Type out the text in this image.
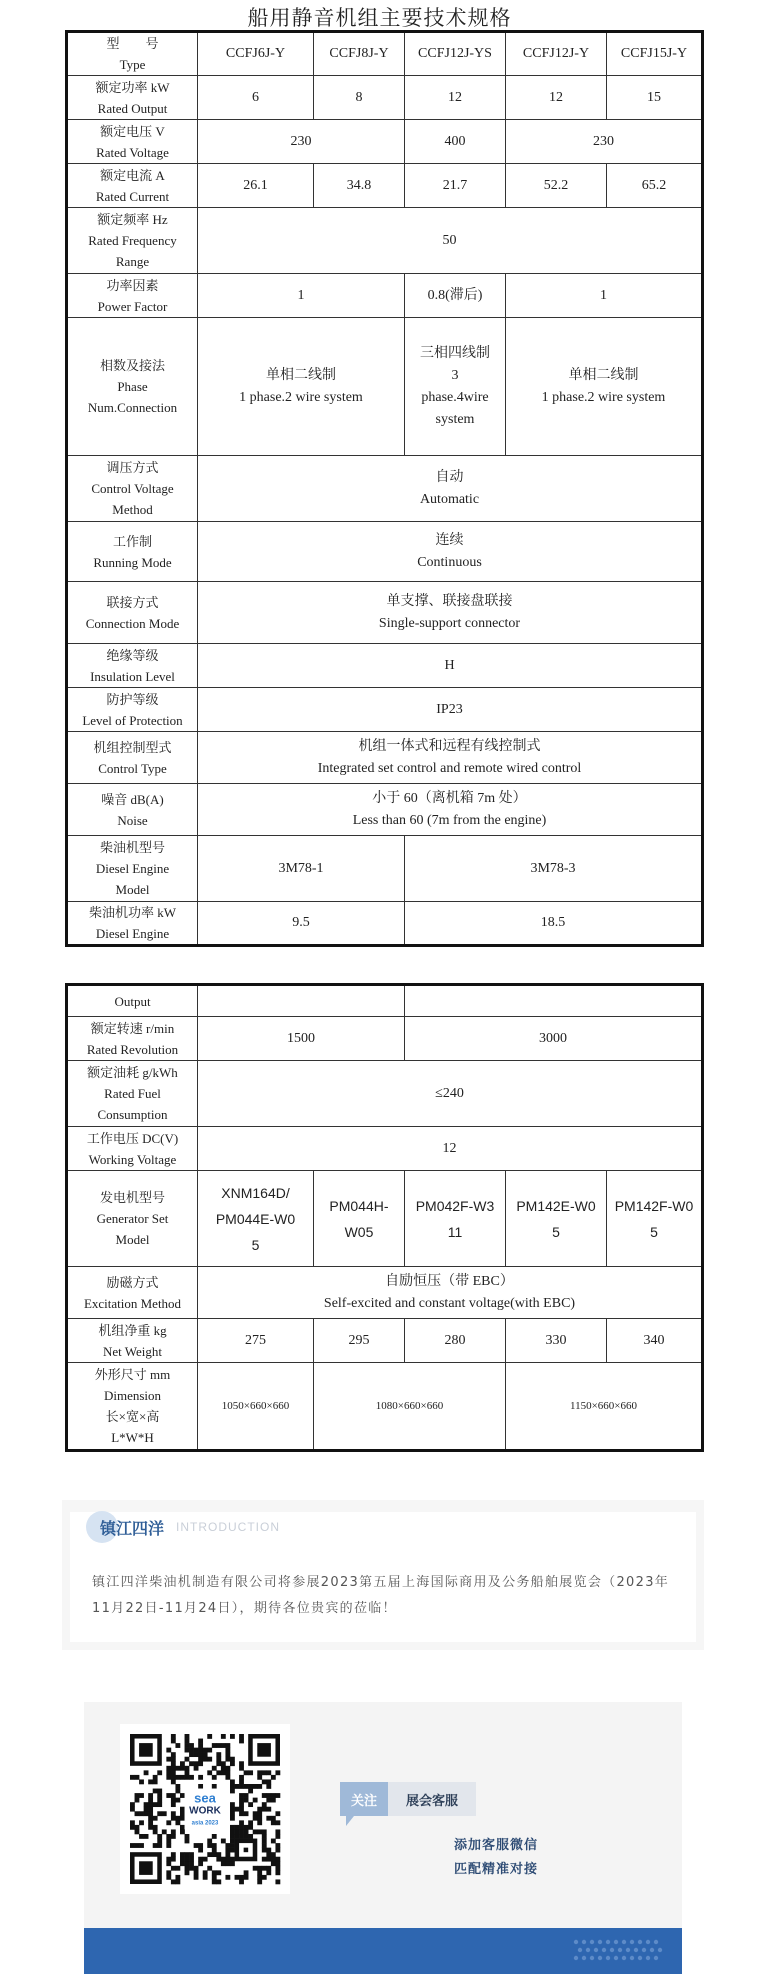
船用静音机组主要技术规格
型　　号
Type	CCFJ6J-Y	CCFJ8J-Y	CCFJ12J-YS	CCFJ12J-Y	CCFJ15J-Y

额定功率 kW
Rated Output	6	8	12	12	15

额定电压 V
Rated Voltage	230		400	230	

额定电流 A
Rated Current	26.1	34.8	21.7	52.2	65.2

额定频率 Hz
Rated Frequency
Range	50				

功率因素
Power Factor	1		0.8(滞后)	1	

相数及接法
Phase
Num.Connection	单相二线制
1 phase.2 wire system		三相四线制
3
phase.4wire
system	单相二线制
1 phase.2 wire system	

调压方式
Control Voltage
Method	自动
Automatic				

工作制
Running Mode	连续
Continuous				

联接方式
Connection Mode	单支撑、联接盘联接
Single-support connector				

绝缘等级
Insulation Level	H				

防护等级
Level of Protection	IP23				

机组控制型式
Control Type	机组一体式和远程有线控制式
Integrated set control and remote wired control				

噪音 dB(A)
Noise	小于 60（离机箱 7m 处）
Less than 60 (7m from the engine)				

柴油机型号
Diesel Engine
Model	3M78-1		3M78-3		

柴油机功率 kW
Diesel Engine	9.5		18.5		
Output					

额定转速 r/min
Rated Revolution	1500		3000		

额定油耗 g/kWh
Rated Fuel
Consumption	≤240				

工作电压 DC(V)
Working Voltage	12				

发电机型号
Generator Set
Model	XNM164D/
PM044E-W0
5	PM044H-
W05	PM042F-W3
11	PM142E-W0
5	PM142F-W0
5

励磁方式
Excitation Method	自励恒压（带 EBC）
Self-excited and constant voltage(with EBC)				

机组净重 kg
Net Weight	275	295	280	330	340

外形尺寸 mm
Dimension
长×宽×高
L*W*H	1050×660×660	1080×660×660		1150×660×660	
镇江四洋 INTRODUCTION
镇江四洋柴油机制造有限公司将参展2023第五届上海国际商用及公务船舶展览会（2023年11月22日-11月24日），期待各位贵宾的莅临！
sea
WORK
asia 2023
关注	展会客服
添加客服微信
匹配精准对接
